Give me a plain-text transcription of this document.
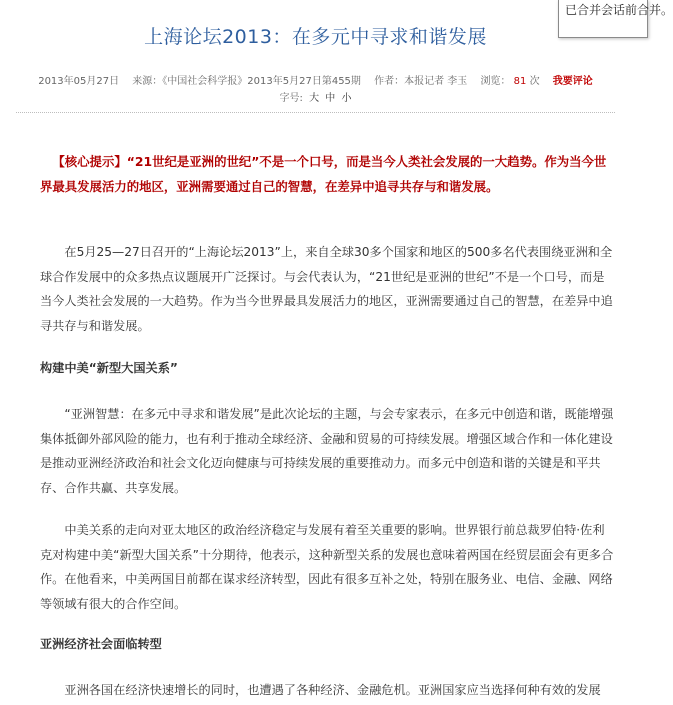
已合并会话前合并。
上海论坛2013：在多元中寻求和谐发展
2013年05月27日 来源：《中国社会科学报》2013年5月27日第455期 作者：本报记者 李玉 浏览： 81 次 我要评论
字号: 大 中 小
【核心提示】“21世纪是亚洲的世纪”不是一个口号，而是当今人类社会发展的一大趋势。作为当今世界最具发展活力的地区，亚洲需要通过自己的智慧，在差异中追寻共存与和谐发展。
在5月25—27日召开的“上海论坛2013”上，来自全球30多个国家和地区的500多名代表围绕亚洲和全球合作发展中的众多热点议题展开广泛探讨。与会代表认为，“21世纪是亚洲的世纪”不是一个口号，而是当今人类社会发展的一大趋势。作为当今世界最具发展活力的地区，亚洲需要通过自己的智慧，在差异中追寻共存与和谐发展。
构建中美“新型大国关系”
“亚洲智慧：在多元中寻求和谐发展”是此次论坛的主题，与会专家表示，在多元中创造和谐，既能增强集体抵御外部风险的能力，也有利于推动全球经济、金融和贸易的可持续发展。增强区域合作和一体化建设是推动亚洲经济政治和社会文化迈向健康与可持续发展的重要推动力。而多元中创造和谐的关键是和平共存、合作共赢、共享发展。
中美关系的走向对亚太地区的政治经济稳定与发展有着至关重要的影响。世界银行前总裁罗伯特·佐利克对构建中美“新型大国关系”十分期待，他表示，这种新型关系的发展也意味着两国在经贸层面会有更多合作。在他看来，中美两国目前都在谋求经济转型，因此有很多互补之处，特别在服务业、电信、金融、网络等领域有很大的合作空间。
亚洲经济社会面临转型
亚洲各国在经济快速增长的同时，也遭遇了各种经济、金融危机。亚洲国家应当选择何种有效的发展
